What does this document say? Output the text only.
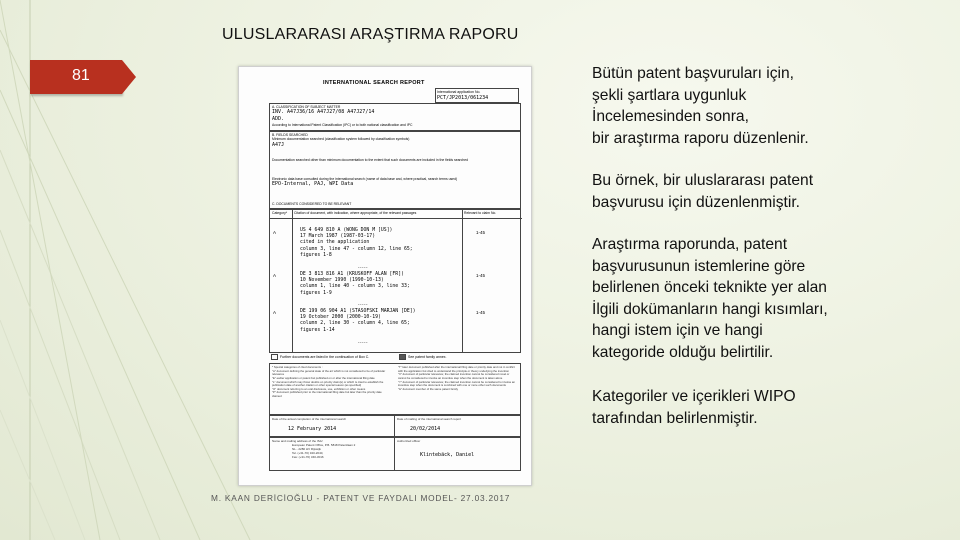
ULUSLARARASI ARAŞTIRMA RAPORU
81	INTERNATIONAL SEARCH REPORT
International application No.
PCT/JP2013/061234
A. CLASSIFICATION OF SUBJECT MATTER
INV. A47J36/16 A47J27/08 A47J27/14
ADD.
According to International Patent Classification (IPC) or to both national classification and IPC
B. FIELDS SEARCHED
Minimum documentation searched (classification system followed by classification symbols)
A47J
Documentation searched other than minimum documentation to the extent that such documents are included in the fields searched
Electronic data base consulted during the international search (name of data base and, where practical, search terms used)
EPO-Internal, PAJ, WPI Data
C. DOCUMENTS CONSIDERED TO BE RELEVANT
Category*	Citation of document, with indication, where appropriate, of the relevant passages	Relevant to claim No.
A	US 4 649 810 A (WONG DON M [US])
17 March 1987 (1987-03-17)
cited in the application
column 3, line 47 - column 12, line 65;
figures 1-8
1-45
-----
A	DE 3 813 816 A1 (KRUSKOFF ALAN [FR])
10 November 1990 (1990-10-13)
column 1, line 40 - column 3, line 33;
figures 1-9
1-45
-----
A	DE 199 06 904 A1 (STASOFSKI MARJAN [DE])
19 October 2000 (2000-10-19)
column 2, line 30 - column 4, line 65;
figures 1-14
1-45
-----
Further documents are listed in the continuation of Box C.	See patent family annex.
* Special categories of cited documents :
"A" document defining the general state of the art which is not considered to be of particular relevance
"E" earlier application or patent but published on or after the international filing date
"L" document which may throw doubts on priority claim(s) or which is cited to establish the publication date of another citation or other special reason (as specified)
"O" document referring to an oral disclosure, use, exhibition or other means
"P" document published prior to the international filing date but later than the priority date claimed
"T" later document published after the international filing date or priority date and not in conflict with the application but cited to understand the principle or theory underlying the invention
"X" document of particular relevance; the claimed invention cannot be considered novel or cannot be considered to involve an inventive step when the document is taken alone
"Y" document of particular relevance; the claimed invention cannot be considered to involve an inventive step when the document is combined with one or more other such documents
"&" document member of the same patent family
Date of the actual completion of the international search
12 February 2014
Date of mailing of the international search report
20/02/2014
Name and mailing address of the ISA/
European Patent Office, P.B. 5818 Patentlaan 2
NL - 2280 HV Rijswijk
Tel. (+31-70) 340-2040,
Fax: (+31-70) 340-3016
Authorized officer
Klintebäck, Daniel
Bütün patent başvuruları için,
şekli şartlara uygunluk
İncelemesinden sonra,
bir araştırma raporu düzenlenir.
Bu örnek, bir uluslararası patent
başvurusu için düzenlenmiştir.
Araştırma raporunda, patent
başvurusunun istemlerine göre
belirlenen önceki teknikte yer alan
İlgili dokümanların hangi kısımları,
hangi istem için ve hangi
kategoride olduğu belirtilir.
Kategoriler ve içerikleri WIPO
tarafından belirlenmiştir.
M. KAAN DERİCİOĞLU - PATENT VE FAYDALI MODEL- 27.03.2017
